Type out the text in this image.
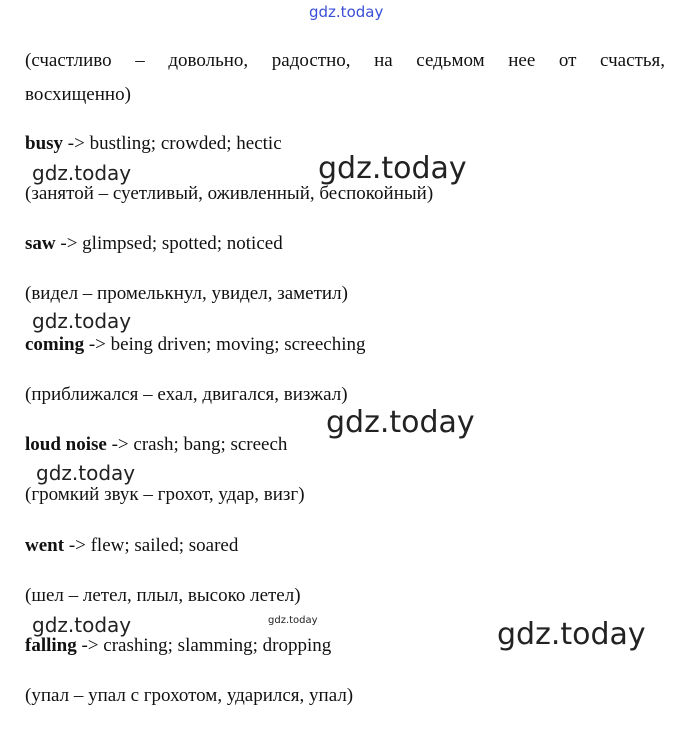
gdz.today
gdz.today
gdz.today
gdz.today
gdz.today
gdz.today
gdz.today	gdz.today	gdz.today
(счастливо – довольно, радостно, на седьмом нее от счастья,
восхищенно)
busy -> bustling; crowded; hectic
(занятой – суетливый, оживленный, беспокойный)
saw -> glimpsed; spotted; noticed
(видел – промелькнул, увидел, заметил)
coming -> being driven; moving; screeching
(приближался – ехал, двигался, визжал)
loud noise -> crash; bang; screech
(громкий звук – грохот, удар, визг)
went -> flew; sailed; soared
(шел – летел, плыл, высоко летел)
falling -> crashing; slamming; dropping
(упал – упал с грохотом, ударился, упал)
